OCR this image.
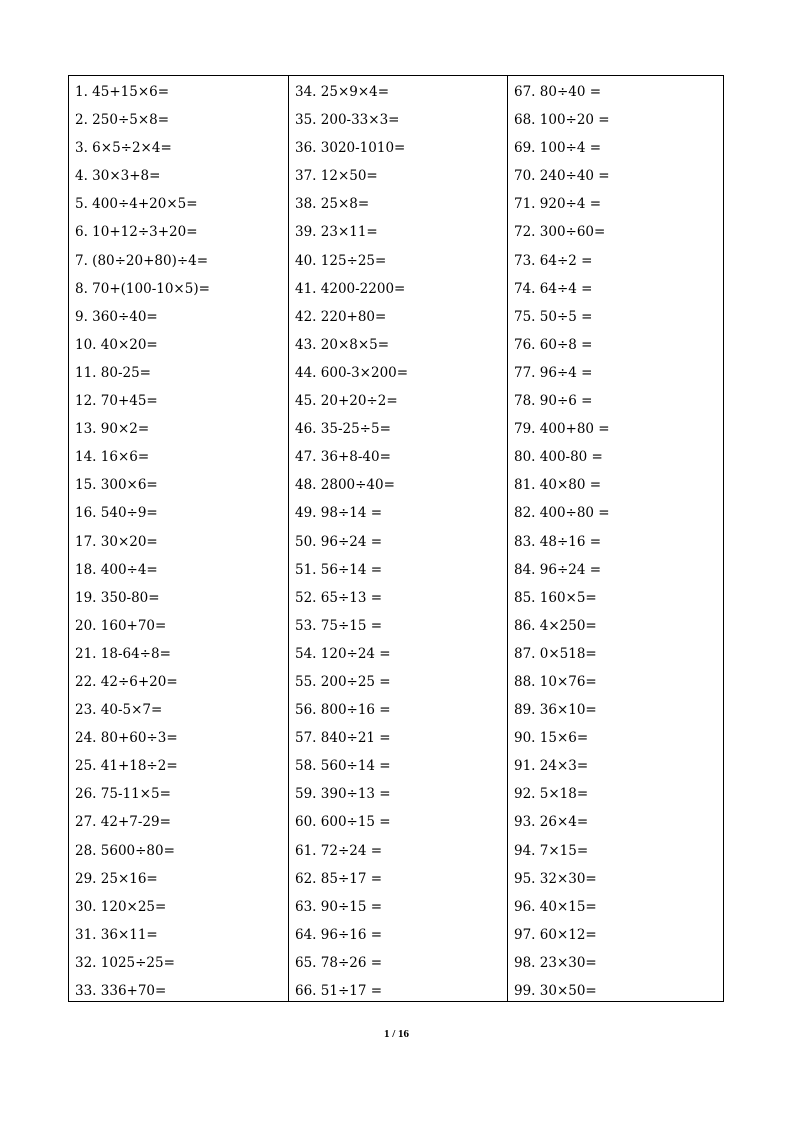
1. 45+15×6=
2. 250÷5×8=
3. 6×5÷2×4=
4. 30×3+8=
5. 400÷4+20×5=
6. 10+12÷3+20=
7. (80÷20+80)÷4=
8. 70+(100-10×5)=
9. 360÷40=
10. 40×20=
11. 80-25=
12. 70+45=
13. 90×2=
14. 16×6=
15. 300×6=
16. 540÷9=
17. 30×20=
18. 400÷4=
19. 350-80=
20. 160+70=
21. 18-64÷8=
22. 42÷6+20=
23. 40-5×7=
24. 80+60÷3=
25. 41+18÷2=
26. 75-11×5=
27. 42+7-29=
28. 5600÷80=
29. 25×16=
30. 120×25=
31. 36×11=
32. 1025÷25=
33. 336+70=
34. 25×9×4=
35. 200-33×3=
36. 3020-1010=
37. 12×50=
38. 25×8=
39. 23×11=
40. 125÷25=
41. 4200-2200=
42. 220+80=
43. 20×8×5=
44. 600-3×200=
45. 20+20÷2=
46. 35-25÷5=
47. 36+8-40=
48. 2800÷40=
49. 98÷14 =
50. 96÷24 =
51. 56÷14 =
52. 65÷13 =
53. 75÷15 =
54. 120÷24 =
55. 200÷25 =
56. 800÷16 =
57. 840÷21 =
58. 560÷14 =
59. 390÷13 =
60. 600÷15 =
61. 72÷24 =
62. 85÷17 =
63. 90÷15 =
64. 96÷16 =
65. 78÷26 =
66. 51÷17 =
67. 80÷40 =
68. 100÷20 =
69. 100÷4 =
70. 240÷40 =
71. 920÷4 =
72. 300÷60=
73. 64÷2 =
74. 64÷4 =
75. 50÷5 =
76. 60÷8 =
77. 96÷4 =
78. 90÷6 =
79. 400+80 =
80. 400-80 =
81. 40×80 =
82. 400÷80 =
83. 48÷16 =
84. 96÷24 =
85. 160×5=
86. 4×250=
87. 0×518=
88. 10×76=
89. 36×10=
90. 15×6=
91. 24×3=
92. 5×18=
93. 26×4=
94. 7×15=
95. 32×30=
96. 40×15=
97. 60×12=
98. 23×30=
99. 30×50=
1 / 16
